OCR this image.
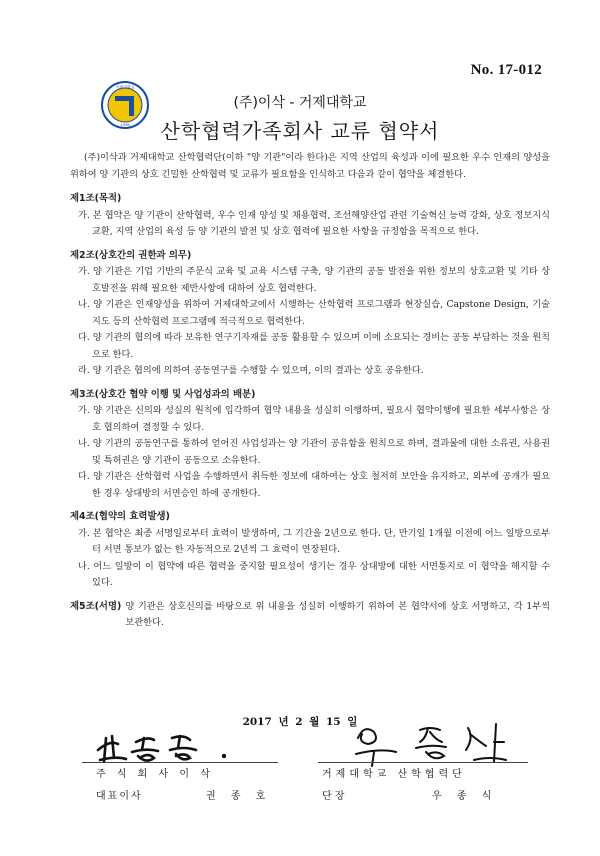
No. 17-012
거제대학교
1998
(주)이삭 - 거제대학교
산학협력가족회사 교류 협약서

(주)이삭과 거제대학교 산학협력단(이하 "양 기관"이라 한다)은 지역 산업의 육성과 이에 필요한 우수 인재의 양성을 위하여 양 기관의 상호 긴밀한 산학협력 및 교류가 필요함을 인식하고 다음과 같이 협약을 체결한다.

제1조(목적)

가. 본 협약은 양 기관이 산학협력, 우수 인재 양성 및 채용협력, 조선해양산업 관련 기술혁신 능력 강화, 상호 정보지식 교환, 지역 산업의 육성 등 양 기관의 발전 및 상호 협력에 필요한 사항을 규정함을 목적으로 한다.

제2조(상호간의 권한과 의무)

가. 양 기관은 기업 기반의 주문식 교육 및 교육 시스템 구축, 양 기관의 공동 발전을 위한 정보의 상호교환 및 기타 상호발전을 위해 필요한 제반사항에 대하여 상호 협력한다.

나. 양 기관은 인재양성을 위하여 거제대학교에서 시행하는 산학협력 프로그램과 현장실습, Capstone Design, 기술지도 등의 산학협력 프로그램에 적극적으로 협력한다.

다. 양 기관의 협의에 따라 보유한 연구기자재를 공동 활용할 수 있으며 이에 소요되는 경비는 공동 부담하는 것을 원칙으로 한다.

라. 양 기관은 협의에 의하여 공동연구를 수행할 수 있으며, 이의 결과는 상호 공유한다.

제3조(상호간 협약 이행 및 사업성과의 배분)

가. 양 기관은 신의와 성실의 원칙에 입각하여 협약 내용을 성실히 이행하며, 필요시 협약이행에 필요한 세부사항은 상호 협의하여 결정할 수 있다.

나. 양 기관의 공동연구를 통하여 얻어진 사업성과는 양 기관이 공유함을 원칙으로 하며, 결과물에 대한 소유권, 사용권 및 특허권은 양 기관이 공동으로 소유한다.

다. 양 기관은 산학협력 사업을 수행하면서 취득한 정보에 대하여는 상호 철저히 보안을 유지하고, 외부에 공개가 필요한 경우 상대방의 서면승인 하에 공개한다.

제4조(협약의 효력발생)

가. 본 협약은 최종 서명일로부터 효력이 발생하며, 그 기간을 2년으로 한다. 단, 만기일 1개월 이전에 어느 일방으로부터 서면 통보가 없는 한 자동적으로 2년씩 그 효력이 연장된다.

나. 어느 일방이 이 협약에 따른 협력을 중지할 필요성이 생기는 경우 상대방에 대한 서면통지로 이 협약을 해지할 수 있다.

제5조(서명) 양 기관은 상호신의를 바탕으로 위 내용을 성실히 이행하기 위하여 본 협약서에 상호 서명하고, 각 1부씩 보관한다.
2017 년 2 월 15 일
주 식 회 사 이 삭
대표이사	권 종 호
거제대학교 산학협력단
단 장	우 종 식
